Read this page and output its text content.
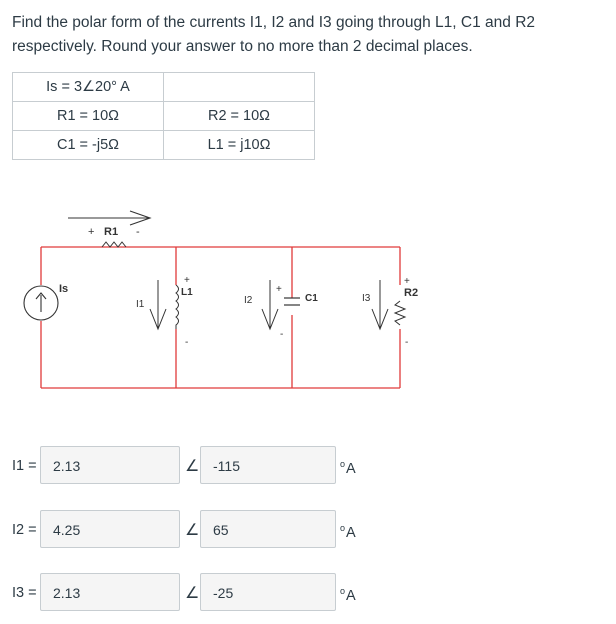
Find the polar form of the currents I1, I2 and I3 going through L1, C1 and R2 respectively. Round your answer to no more than 2 decimal places.
Is = 3∠20° A	
R1 = 10Ω	R2 = 10Ω
C1 = -j5Ω	L1 = j10Ω
+ R1 -
Is
I1
+
L1
-
I2
+
C1
-
I3
+
R2
-
I1 =	2.13	∠ -115	$^o$A
I2 =	4.25	∠ 65	$^o$A
I3 =	2.13	∠ -25	$^o$A
